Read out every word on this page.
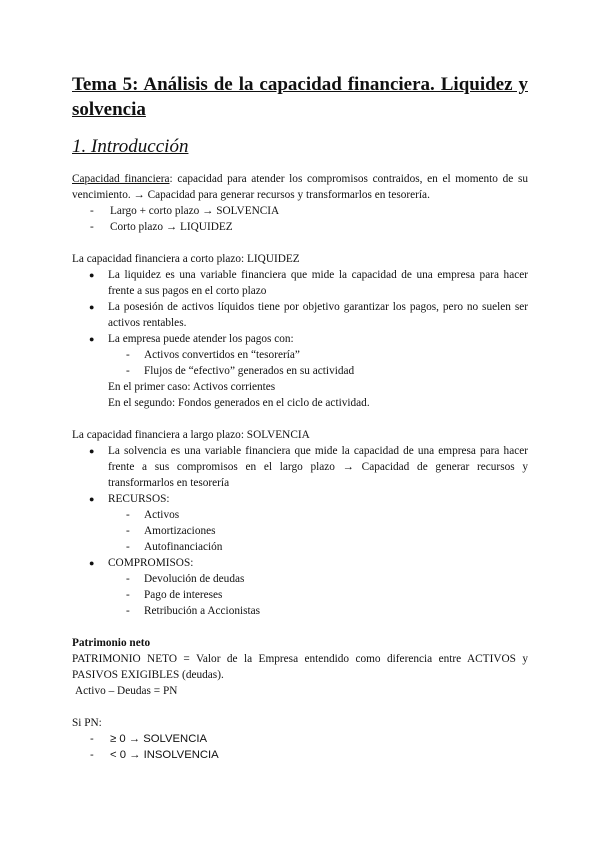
Tema 5: Análisis de la capacidad financiera. Liquidez y solvencia
1. Introducción

Capacidad financiera: capacidad para atender los compromisos contraidos, en el momento de su vencimiento. → Capacidad para generar recursos y transformarlos en tesorería.

- Largo + corto plazo → SOLVENCIA
- Corto plazo → LIQUIDEZ

La capacidad financiera a corto plazo: LIQUIDEZ

● La liquidez es una variable financiera que mide la capacidad de una empresa para hacer frente a sus pagos en el corto plazo
● La posesión de activos líquidos tiene por objetivo garantizar los pagos, pero no suelen ser activos rentables.
● La empresa puede atender los pagos con:
- Activos convertidos en “tesorería”
- Flujos de “efectivo” generados en su actividad
En el primer caso: Activos corrientes
En el segundo: Fondos generados en el ciclo de actividad.

La capacidad financiera a largo plazo: SOLVENCIA

● La solvencia es una variable financiera que mide la capacidad de una empresa para hacer frente a sus compromisos en el largo plazo → Capacidad de generar recursos y transformarlos en tesorería
● RECURSOS:
- Activos
- Amortizaciones
- Autofinanciación
● COMPROMISOS:
- Devolución de deudas
- Pago de intereses
- Retribución a Accionistas

Patrimonio neto

PATRIMONIO NETO = Valor de la Empresa entendido como diferencia entre ACTIVOS y PASIVOS EXIGIBLES (deudas).

Activo – Deudas = PN

Si PN:

- ≥ 0 → SOLVENCIA
- < 0 → INSOLVENCIA
